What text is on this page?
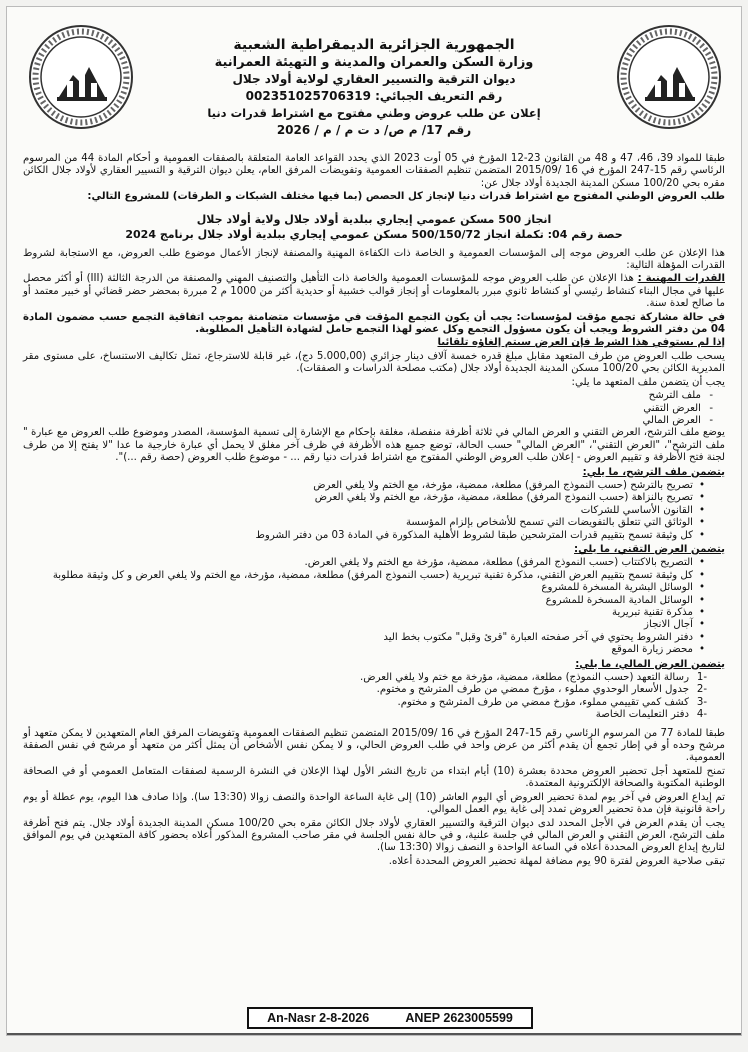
الجمهورية الجزائرية الديمقراطية الشعبية
وزارة السكن والعمران والمدينة و التهيئة العمرانية
ديوان الترقية والتسيير العقاري لولاية أولاد جلال
رقم التعريف الجبائي: 002351025706319
إعلان عن طلب عروض وطني مفتوح مع اشتراط قدرات دنيا
رقم 17/ م ص/ د ت م / م / 2026

طبقا للمواد 39، 46، 47 و 48 من القانون 23-12 المؤرخ في 05 أوت 2023 الذي يحدد القواعد العامة المتعلقة بالصفقات العمومية و أحكام المادة 44 من المرسوم الرئاسي رقم 15-247 المؤرخ في 16 /2015/09 المتضمن تنظيم الصفقات العمومية وتفويضات المرفق العام، يعلن ديوان الترقية و التسيير العقاري لأولاد جلال الكائن مقره بحي 100/20 مسكن المدينة الجديدة أولاد جلال عن:

طلب العروض الوطني المفتوح مع اشتراط قدرات دنيا لإنجاز كل الحصص (بما فيها مختلف الشبكات و الطرقات) للمشروع التالي:

انجاز 500 مسكن عمومي إيجاري ببلدية أولاد جلال ولاية أولاد جلال
حصة رقم 04: تكملة انجاز 500/150/72 مسكن عمومي إيجاري ببلدية أولاد جلال برنامج 2024

هذا الإعلان عن طلب العروض موجه إلى المؤسسات العمومية و الخاصة ذات الكفاءة المهنية والمصنفة لإنجاز الأعمال موضوع طلب العروض، مع الاستجابة لشروط القدرات المؤهلة التالية:

القدرات المهنية : هذا الإعلان عن طلب العروض موجه للمؤسسات العمومية والخاصة ذات التأهيل والتصنيف المهني والمصنفة من الدرجة الثالثة (III) أو أكثر محصل عليها في مجال البناء كنشاط رئيسي أو كنشاط ثانوي مبرر بالمعلومات أو إنجاز قوالب خشبية أو حديدية أكثر من 1000 م 2 مبررة بمحضر حضر قضائي أو خبير معتمد أو ما صالح لعدة سنة.

في حالة مشاركة تجمع مؤقت لمؤسسات: يجب أن يكون التجمع المؤقت في مؤسسات متضامنة بموجب اتفاقية التجمع حسب مضمون المادة 04 من دفتر الشروط ويجب أن يكون مسؤول التجمع وكل عضو لهذا التجمع حامل لشهادة التأهيل المطلوبة.

إذا لم يستوفي هذا الشرط فإن العرض سيتم إلغاؤه تلقائيا

يسحب طلب العروض من طرف المتعهد مقابل مبلغ قدره خمسة آلاف دينار جزائري (5.000,00 دج)، غير قابلة للاسترجاع، تمثل تكاليف الاستنساخ، على مستوى مقر المديرية الكائن بحي 100/20 مسكن المدينة الجديدة أولاد جلال (مكتب مصلحة الدراسات و الصفقات).

يجب أن يتضمن ملف المتعهد ما يلي:

- ملف الترشح
- العرض التقني
- العرض المالي

يوضع ملف الترشح، العرض التقني و العرض المالي في ثلاثة أظرفة منفصلة، مغلقة بإحكام مع الإشارة إلى تسمية المؤسسة، المصدر وموضوع طلب العروض مع عبارة " ملف الترشح"، "العرض التقني"، "العرض المالي" حسب الحالة، توضع جميع هذه الأظرفة في ظرف آخر مغلق لا يحمل أي عبارة خارجية ما عدا "لا يفتح إلا من طرف لجنة فتح الأظرفة و تقييم العروض - إعلان طلب العروض الوطني المفتوح مع اشتراط قدرات دنيا رقم ... - موضوع طلب العروض (حصة رقم ...)".

يتضمن ملف الترشح، ما يلي:
• تصريح بالترشح (حسب النموذج المرفق) مطلعة، ممضية، مؤرخة، مع الختم ولا يلغي العرض
• تصريح بالنزاهة (حسب النموذج المرفق) مطلعة، ممضية، مؤرخة، مع الختم ولا يلغي العرض
• القانون الأساسي للشركات
• الوثائق التي تتعلق بالتفويضات التي تسمح للأشخاص بإلزام المؤسسة
• كل وثيقة تسمح بتقييم قدرات المترشحين طبقا لشروط الأهلية المذكورة في المادة 03 من دفتر الشروط
يتضمن العرض التقني، ما يلي:
• التصريح بالاكتتاب (حسب النموذج المرفق) مطلعة، ممضية، مؤرخة مع الختم ولا يلغي العرض.
• كل وثيقة تسمح بتقييم العرض التقني، مذكرة تقنية تبريرية (حسب النموذج المرفق) مطلعة، ممضية، مؤرخة، مع الختم ولا يلغي العرض و كل وثيقة مطلوبة
• الوسائل البشرية المسخرة للمشروع
• الوسائل المادية المسخرة للمشروع
• مذكرة تقنية تبريرية
• آجال الانجاز
• دفتر الشروط يحتوي في آخر صفحته العبارة "قرئ وقبل" مكتوب بخط اليد
• محضر زيارة الموقع
يتضمن العرض المالي، ما يلي:
-1
رسالة التعهد (حسب النموذج) مطلعة، ممضية، مؤرخة مع ختم ولا يلغي العرض.
-2
جدول الأسعار الوحدوي مملوء ، مؤرخ ممضي من طرف المترشح و مختوم.
-3
كشف كمي تقييمي مملوء، مؤرخ ممضي من طرف المترشح و مختوم.
-4
دفتر التعليمات الخاصة

طبقا للمادة 77 من المرسوم الرئاسي رقم 15-247 المؤرخ في 16 /2015/09 المتضمن تنظيم الصفقات العمومية وتفويضات المرفق العام المتعهدين لا يمكن متعهد أو مرشح وحده أو في إطار تجمع أن يقدم أكثر من عرض واحد في طلب العروض الحالي، و لا يمكن نفس الأشخاص أن يمثل أكثر من متعهد أو مرشح في نفس الصفقة العمومية.

تمنح للمتعهد أجل تحضير العروض محددة بعشرة (10) أيام ابتداء من تاريخ النشر الأول لهذا الإعلان في النشرة الرسمية لصفقات المتعامل العمومي أو في الصحافة الوطنية المكتوبة والصحافة الإلكترونية المعتمدة.

تم إيداع العروض في آخر يوم لمدة تحضير العروض أي اليوم العاشر (10) إلى غاية الساعة الواحدة والنصف زوالا (13:30 سا). وإذا صادف هذا اليوم، يوم عطلة أو يوم راحة قانونية فإن مدة تحضير العروض تمدد إلى غاية يوم العمل الموالي.

يجب أن يقدم العرض في الأجل المحدد لدى ديوان الترقية والتسيير العقاري لأولاد جلال الكائن مقره بحي 100/20 مسكن المدينة الجديدة أولاد جلال. يتم فتح أظرفة ملف الترشح، العرض التقني و العرض المالي في جلسة علنية، و في حالة نفس الجلسة في مقر صاحب المشروع المذكور أعلاه بحضور كافة المتعهدين في يوم الموافق لتاريخ إيداع العروض المحددة أعلاه في الساعة الواحدة و النصف زوالا (13:30 سا).

تبقى صلاحية العروض لفترة 90 يوم مضافة لمهلة تحضير العروض المحددة أعلاه.

An-Nasr 2-8-2026	ANEP 2623005599
